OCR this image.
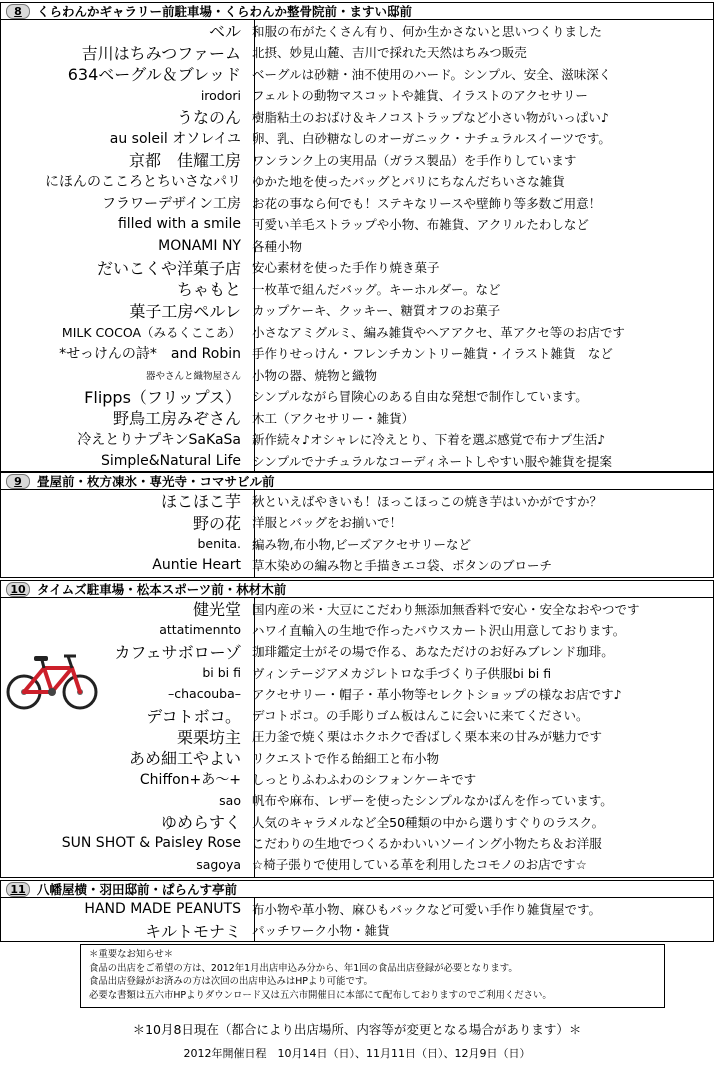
8	くらわんかギャラリー前駐車場・くらわんか整骨院前・ますい邸前
ベル 和服の布がたくさん有り、何か生かさないと思いつくりました
吉川はちみつファーム 北摂、妙見山麓、吉川で採れた天然はちみつ販売
634ベーグル＆ブレッド ベーグルは砂糖・油不使用のハード。シンプル、安全、滋味深く
irodori フェルトの動物マスコットや雑貨、イラストのアクセサリー
うなのん 樹脂粘土のおばけ＆キノコストラップなど小さい物がいっぱい♪
au soleil オソレイユ 卵、乳、白砂糖なしのオーガニック・ナチュラルスイーツです。
京都　佳耀工房 ワンランク上の実用品（ガラス製品）を手作りしています
にほんのこころとちいさなパリ ゆかた地を使ったバッグとパリにちなんだちいさな雑貨
フラワーデザイン工房 お花の事なら何でも！ステキなリースや壁飾り等多数ご用意！
filled with a smile 可愛い羊毛ストラップや小物、布雑貨、アクリルたわしなど
MONAMI NY 各種小物
だいこくや洋菓子店 安心素材を使った手作り焼き菓子
ちゃもと 一枚革で組んだバッグ。キーホルダー。など
菓子工房ペルレ カップケーキ、クッキー、糖質オフのお菓子
MILK COCOA（みるくここあ） 小さなアミグルミ、編み雑貨やヘアアクセ、革アクセ等のお店です
*せっけんの詩*　and Robin 手作りせっけん・フレンチカントリー雑貨・イラスト雑貨　など
器やさんと織物屋さん 小物の器、焼物と織物
Flipps（フリップス） シンプルながら冒険心のある自由な発想で制作しています。
野鳥工房みぞさん 木工（アクセサリー・雑貨）
冷えとりナプキンSaKaSa 新作続々♪オシャレに冷えとり、下着を選ぶ感覚で布ナプ生活♪
Simple&Natural Life シンプルでナチュラルなコーディネートしやすい服や雑貨を提案
9	畳屋前・枚方凍氷・専光寺・コマサビル前
ほこほこ芋 秋といえばやきいも！ほっこほっこの焼き芋はいかがですか？
野の花 洋服とバッグをお揃いで！
benita. 編み物,布小物,ビーズアクセサリーなど
Auntie Heart 草木染めの編み物と手描きエコ袋、ボタンのブローチ
10 タイムズ駐車場・松本スポーツ前・林材木前
健光堂 国内産の米・大豆にこだわり無添加無香料で安心・安全なおやつです
attatimennto ハワイ直輸入の生地で作ったパウスカート沢山用意しております。
カフェサボローゾ 珈琲鑑定士がその場で作る、あなただけのお好みブレンド珈琲。
bi bi fi ヴィンテージアメカジレトロな手づくり子供服bi bi fi
–chacouba– アクセサリー・帽子・革小物等セレクトショップの様なお店です♪
デコトボコ。 デコトボコ。の手彫りゴム板はんこに会いに来てください。
栗栗坊主 圧力釜で焼く栗はホクホクで香ばしく栗本来の甘みが魅力です
あめ細工やよい リクエストで作る飴細工と布小物
Chiffon+あ～+ しっとりふわふわのシフォンケーキです
sao 帆布や麻布、レザーを使ったシンプルなかばんを作っています。
ゆめらすく 人気のキャラメルなど全50種類の中から選りすぐりのラスク。
SUN SHOT & Paisley Rose こだわりの生地でつくるかわいいソーイング小物たち＆お洋服
sagoya ☆椅子張りで使用している革を利用したコモノのお店です☆
11 八幡屋横・羽田邸前・ぱらんす亭前
HAND MADE PEANUTS 布小物や革小物、麻ひもバックなど可愛い手作り雑貨屋です。
キルトモナミ パッチワーク小物・雑貨
＊重要なお知らせ＊
食品の出店をご希望の方は、2012年1月出店申込み分から、年1回の食品出店登録が必要となります。
食品出店登録がお済みの方は次回の出店申込みはHPより可能です。
必要な書類は五六市HPよりダウンロード又は五六市開催日に本部にて配布しておりますのでご利用ください。
＊10月8日現在（都合により出店場所、内容等が変更となる場合があります）＊
2012年開催日程　10月14日（日）、11月11日（日）、12月9日（日）
